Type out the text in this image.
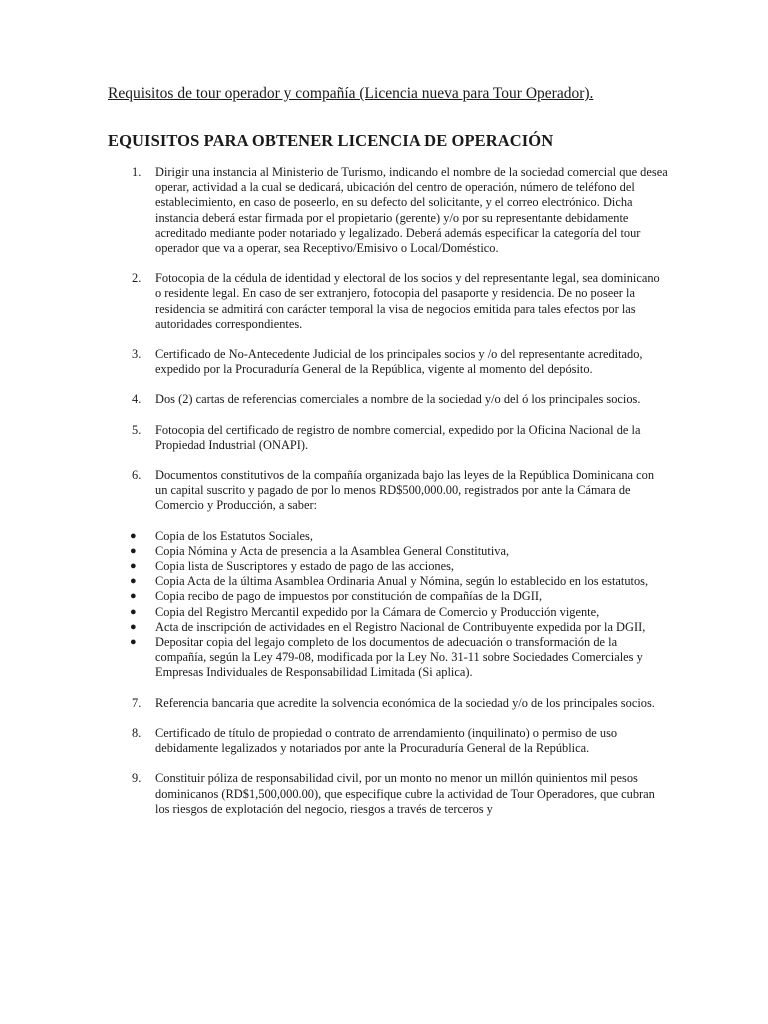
Requisitos de tour operador y compañía (Licencia nueva para Tour Operador).
EQUISITOS PARA OBTENER LICENCIA DE OPERACIÓN
1. Dirigir una instancia al Ministerio de Turismo, indicando el nombre de la sociedad comercial que desea operar, actividad a la cual se dedicará, ubicación del centro de operación, número de teléfono del establecimiento, en caso de poseerlo, en su defecto del solicitante, y el correo electrónico. Dicha instancia deberá estar firmada por el propietario (gerente) y/o por su representante debidamente acreditado mediante poder notariado y legalizado. Deberá además especificar la categoría del tour operador que va a operar, sea Receptivo/Emisivo o Local/Doméstico.
2. Fotocopia de la cédula de identidad y electoral de los socios y del representante legal, sea dominicano o residente legal. En caso de ser extranjero, fotocopia del pasaporte y residencia. De no poseer la residencia se admitirá con carácter temporal la visa de negocios emitida para tales efectos por las autoridades correspondientes.
3. Certificado de No-Antecedente Judicial de los principales socios y /o del representante acreditado, expedido por la Procuraduría General de la República, vigente al momento del depósito.
4. Dos (2) cartas de referencias comerciales a nombre de la sociedad y/o del ó los principales socios.
5. Fotocopia del certificado de registro de nombre comercial, expedido por la Oficina Nacional de la Propiedad Industrial (ONAPI).
6. Documentos constitutivos de la compañía organizada bajo las leyes de la República Dominicana con un capital suscrito y pagado de por lo menos RD$500,000.00, registrados por ante la Cámara de Comercio y Producción, a saber:
● Copia de los Estatutos Sociales,
● Copia Nómina y Acta de presencia a la Asamblea General Constitutiva,
● Copia lista de Suscriptores y estado de pago de las acciones,
● Copia Acta de la última Asamblea Ordinaria Anual y Nómina, según lo establecido en los estatutos,
● Copia recibo de pago de impuestos por constitución de compañías de la DGII,
● Copia del Registro Mercantil expedido por la Cámara de Comercio y Producción vigente,
● Acta de inscripción de actividades en el Registro Nacional de Contribuyente expedida por la DGII,
● Depositar copia del legajo completo de los documentos de adecuación o transformación de la compañía, según la Ley 479-08, modificada por la Ley No. 31-11 sobre Sociedades Comerciales y Empresas Individuales de Responsabilidad Limitada (Si aplica).
7. Referencia bancaria que acredite la solvencia económica de la sociedad y/o de los principales socios.
8. Certificado de título de propiedad o contrato de arrendamiento (inquilinato) o permiso de uso debidamente legalizados y notariados por ante la Procuraduría General de la República.
9. Constituir póliza de responsabilidad civil, por un monto no menor un millón quinientos mil pesos dominicanos (RD$1,500,000.00), que especifique cubre la actividad de Tour Operadores, que cubran los riesgos de explotación del negocio, riesgos a través de terceros y
